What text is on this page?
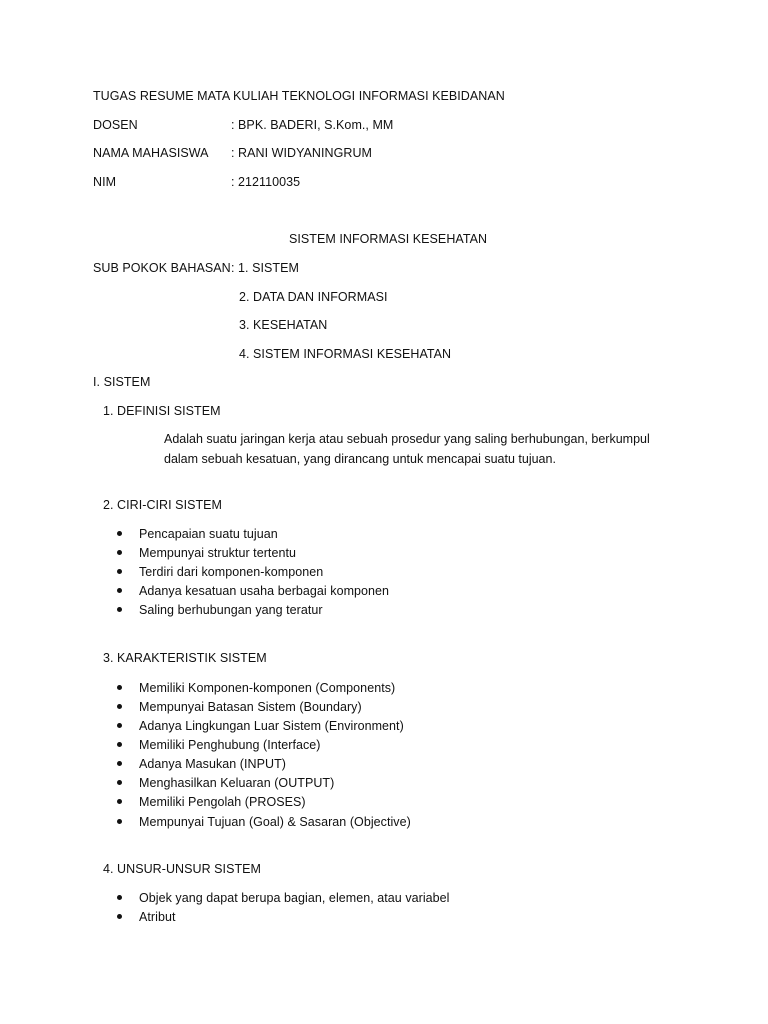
TUGAS RESUME MATA KULIAH TEKNOLOGI INFORMASI KEBIDANAN
DOSEN	: BPK. BADERI, S.Kom., MM
NAMA MAHASISWA : RANI WIDYANINGRUM
NIM	: 212110035
SISTEM INFORMASI KESEHATAN
SUB POKOK BAHASAN : 1. SISTEM
2. DATA DAN INFORMASI
3. KESEHATAN
4. SISTEM INFORMASI KESEHATAN
I. SISTEM
1. DEFINISI SISTEM
Adalah suatu jaringan kerja atau sebuah prosedur yang saling berhubungan, berkumpul
dalam sebuah kesatuan, yang dirancang untuk mencapai suatu tujuan.
2. CIRI-CIRI SISTEM
Pencapaian suatu tujuan
Mempunyai struktur tertentu
Terdiri dari komponen-komponen
Adanya kesatuan usaha berbagai komponen
Saling berhubungan yang teratur
3. KARAKTERISTIK SISTEM
Memiliki Komponen-komponen (Components)
Mempunyai Batasan Sistem (Boundary)
Adanya Lingkungan Luar Sistem (Environment)
Memiliki Penghubung (Interface)
Adanya Masukan (INPUT)
Menghasilkan Keluaran (OUTPUT)
Memiliki Pengolah (PROSES)
Mempunyai Tujuan (Goal) & Sasaran (Objective)
4. UNSUR-UNSUR SISTEM
Objek yang dapat berupa bagian, elemen, atau variabel
Atribut
